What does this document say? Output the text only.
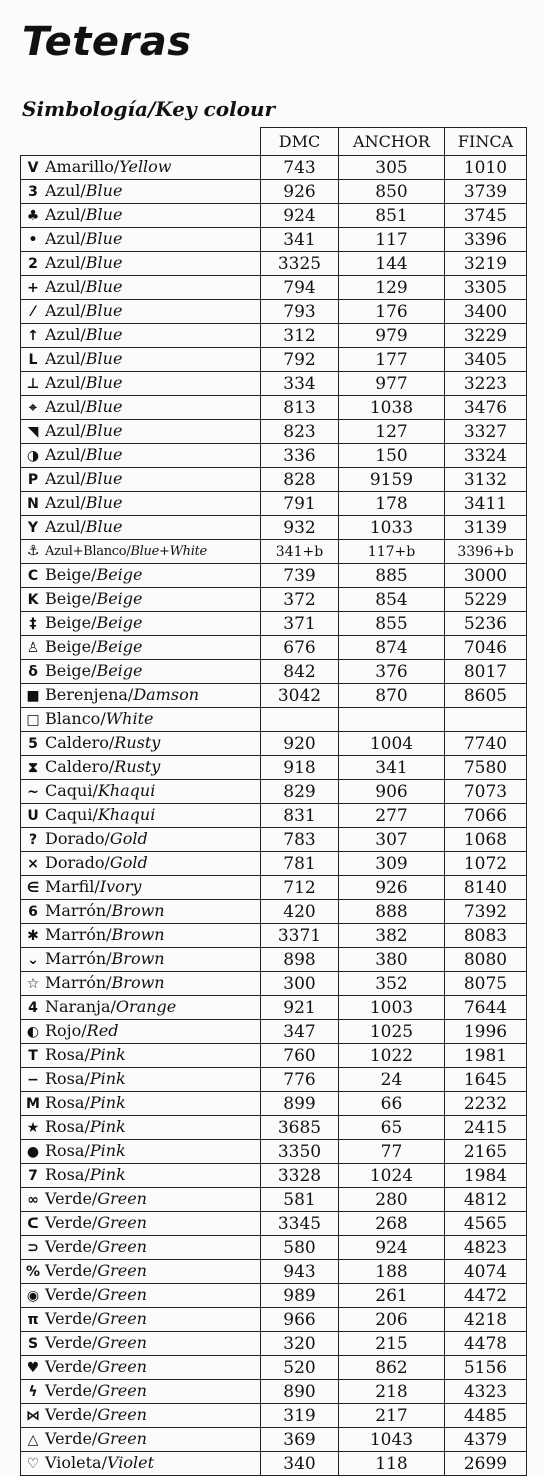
Teteras
Simbología/Key colour
	DMC	ANCHOR	FINCA
V Amarillo/Yellow	743	305	1010
3 Azul/Blue	926	850	3739
♣ Azul/Blue	924	851	3745
• Azul/Blue	341	117	3396
2 Azul/Blue	3325	144	3219
+ Azul/Blue	794	129	3305
⁄ Azul/Blue	793	176	3400
↑ Azul/Blue	312	979	3229
L Azul/Blue	792	177	3405
⊥ Azul/Blue	334	977	3223
⌖ Azul/Blue	813	1038	3476
◥ Azul/Blue	823	127	3327
◑ Azul/Blue	336	150	3324
P Azul/Blue	828	9159	3132
N Azul/Blue	791	178	3411
Y Azul/Blue	932	1033	3139
⚓ Azul+Blanco/Blue+White	341+b	117+b	3396+b
C Beige/Beige	739	885	3000
K Beige/Beige	372	854	5229
‡ Beige/Beige	371	855	5236
♙ Beige/Beige	676	874	7046
δ Beige/Beige	842	376	8017
■ Berenjena/Damson	3042	870	8605
□ Blanco/White			
5 Caldero/Rusty	920	1004	7740
⧗ Caldero/Rusty	918	341	7580
~ Caqui/Khaqui	829	906	7073
U Caqui/Khaqui	831	277	7066
? Dorado/Gold	783	307	1068
× Dorado/Gold	781	309	1072
∈ Marfil/Ivory	712	926	8140
6 Marrón/Brown	420	888	7392
✱ Marrón/Brown	3371	382	8083
⌄ Marrón/Brown	898	380	8080
☆ Marrón/Brown	300	352	8075
4 Naranja/Orange	921	1003	7644
◐ Rojo/Red	347	1025	1996
T Rosa/Pink	760	1022	1981
− Rosa/Pink	776	24	1645
M Rosa/Pink	899	66	2232
★ Rosa/Pink	3685	65	2415
● Rosa/Pink	3350	77	2165
7 Rosa/Pink	3328	1024	1984
∞ Verde/Green	581	280	4812
ᑕ Verde/Green	3345	268	4565
⊃ Verde/Green	580	924	4823
% Verde/Green	943	188	4074
◉ Verde/Green	989	261	4472
π Verde/Green	966	206	4218
S Verde/Green	320	215	4478
♥ Verde/Green	520	862	5156
ϟ Verde/Green	890	218	4323
⋈ Verde/Green	319	217	4485
△ Verde/Green	369	1043	4379
♡ Violeta/Violet	340	118	2699
